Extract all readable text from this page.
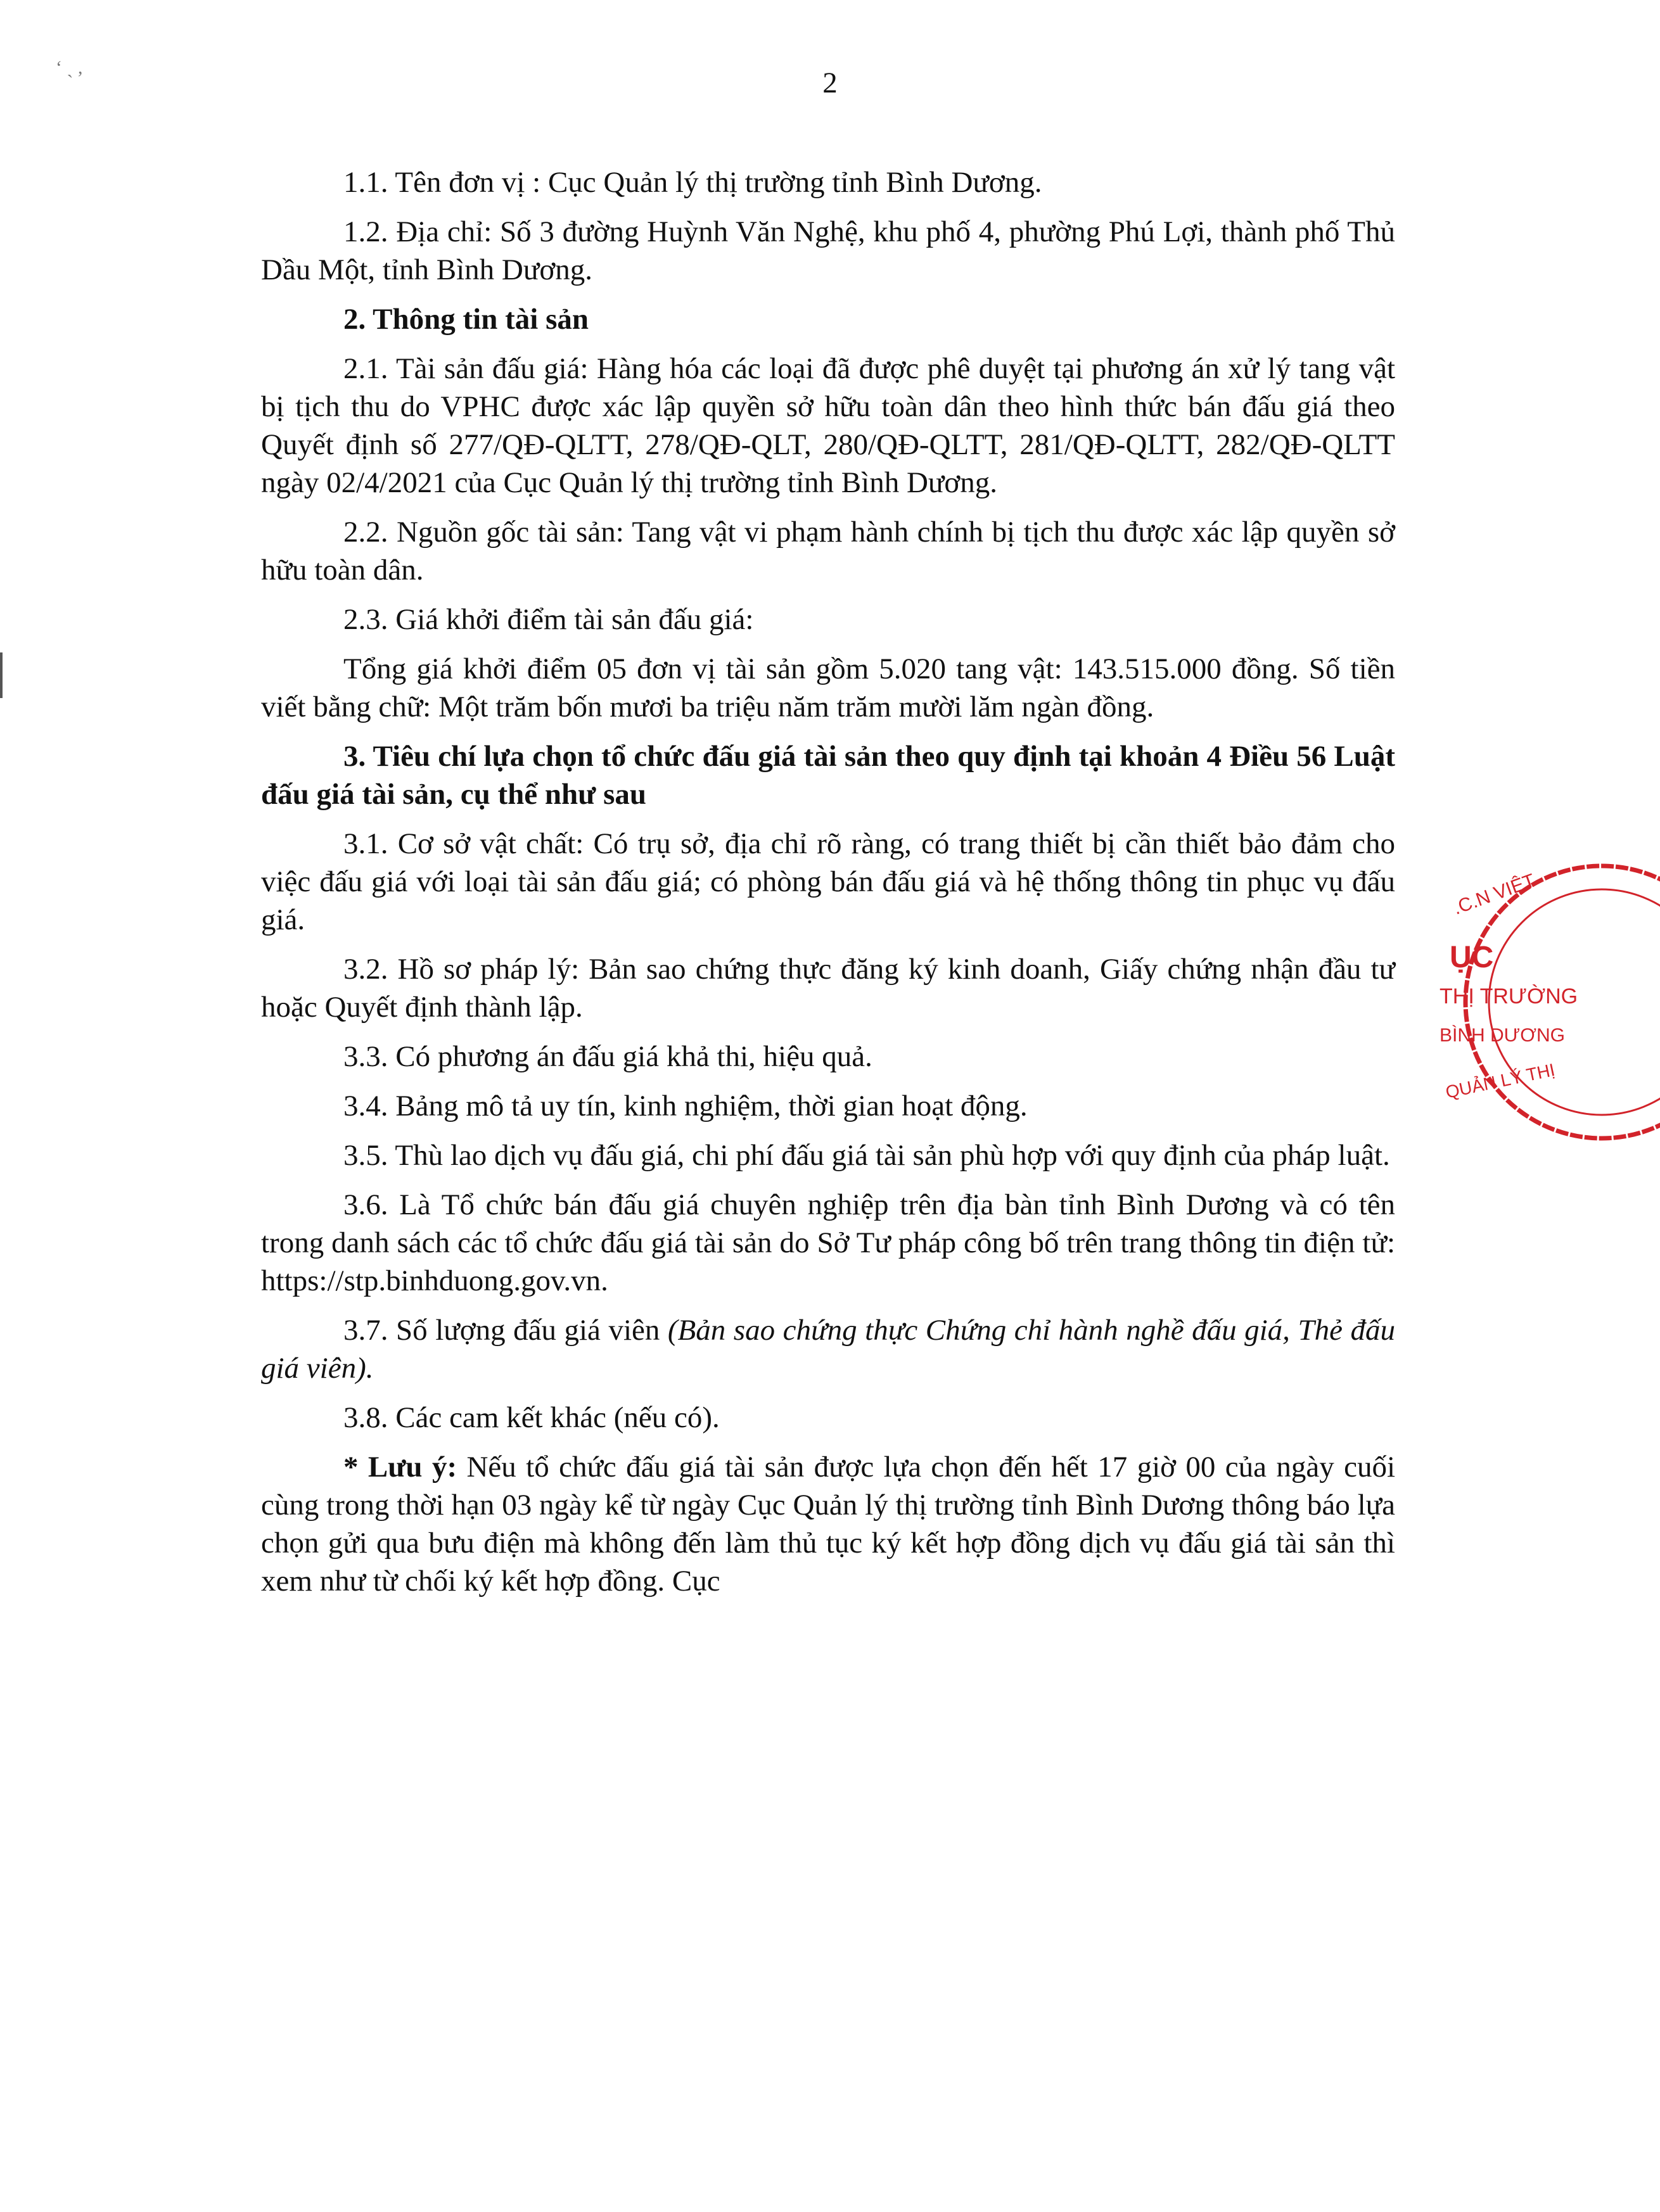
‘ ˎ ,	2

1.1. Tên đơn vị : Cục Quản lý thị trường tỉnh Bình Dương.

1.2. Địa chỉ: Số 3 đường Huỳnh Văn Nghệ, khu phố 4, phường Phú Lợi, thành phố Thủ Dầu Một, tỉnh Bình Dương.

2. Thông tin tài sản

2.1. Tài sản đấu giá: Hàng hóa các loại đã được phê duyệt tại phương án xử lý tang vật bị tịch thu do VPHC được xác lập quyền sở hữu toàn dân theo hình thức bán đấu giá theo Quyết định số 277/QĐ-QLTT, 278/QĐ-QLT, 280/QĐ-QLTT, 281/QĐ-QLTT, 282/QĐ-QLTT ngày 02/4/2021 của Cục Quản lý thị trường tỉnh Bình Dương.

2.2. Nguồn gốc tài sản: Tang vật vi phạm hành chính bị tịch thu được xác lập quyền sở hữu toàn dân.

2.3. Giá khởi điểm tài sản đấu giá:

Tổng giá khởi điểm 05 đơn vị tài sản gồm 5.020 tang vật: 143.515.000 đồng. Số tiền viết bằng chữ: Một trăm bốn mươi ba triệu năm trăm mười lăm ngàn đồng.

3. Tiêu chí lựa chọn tổ chức đấu giá tài sản theo quy định tại khoản 4 Điều 56 Luật đấu giá tài sản, cụ thể như sau

3.1. Cơ sở vật chất: Có trụ sở, địa chỉ rõ ràng, có trang thiết bị cần thiết bảo đảm cho việc đấu giá với loại tài sản đấu giá; có phòng bán đấu giá và hệ thống thông tin phục vụ đấu giá.

3.2. Hồ sơ pháp lý: Bản sao chứng thực đăng ký kinh doanh, Giấy chứng nhận đầu tư hoặc Quyết định thành lập.

3.3. Có phương án đấu giá khả thi, hiệu quả.

3.4. Bảng mô tả uy tín, kinh nghiệm, thời gian hoạt động.

3.5. Thù lao dịch vụ đấu giá, chi phí đấu giá tài sản phù hợp với quy định của pháp luật.

3.6. Là Tổ chức bán đấu giá chuyên nghiệp trên địa bàn tỉnh Bình Dương và có tên trong danh sách các tổ chức đấu giá tài sản do Sở Tư pháp công bố trên trang thông tin điện tử: https://stp.binhduong.gov.vn.

3.7. Số lượng đấu giá viên (Bản sao chứng thực Chứng chỉ hành nghề đấu giá, Thẻ đấu giá viên).

3.8. Các cam kết khác (nếu có).

* Lưu ý: Nếu tổ chức đấu giá tài sản được lựa chọn đến hết 17 giờ 00 của ngày cuối cùng trong thời hạn 03 ngày kể từ ngày Cục Quản lý thị trường tỉnh Bình Dương thông báo lựa chọn gửi qua bưu điện mà không đến làm thủ tục ký kết hợp đồng dịch vụ đấu giá tài sản thì xem như từ chối ký kết hợp đồng. Cục

.C.N VIỆT
ỤC
THỊ TRƯỜNG
BÌNH DƯƠNG
QUẢN LÝ THỊ
